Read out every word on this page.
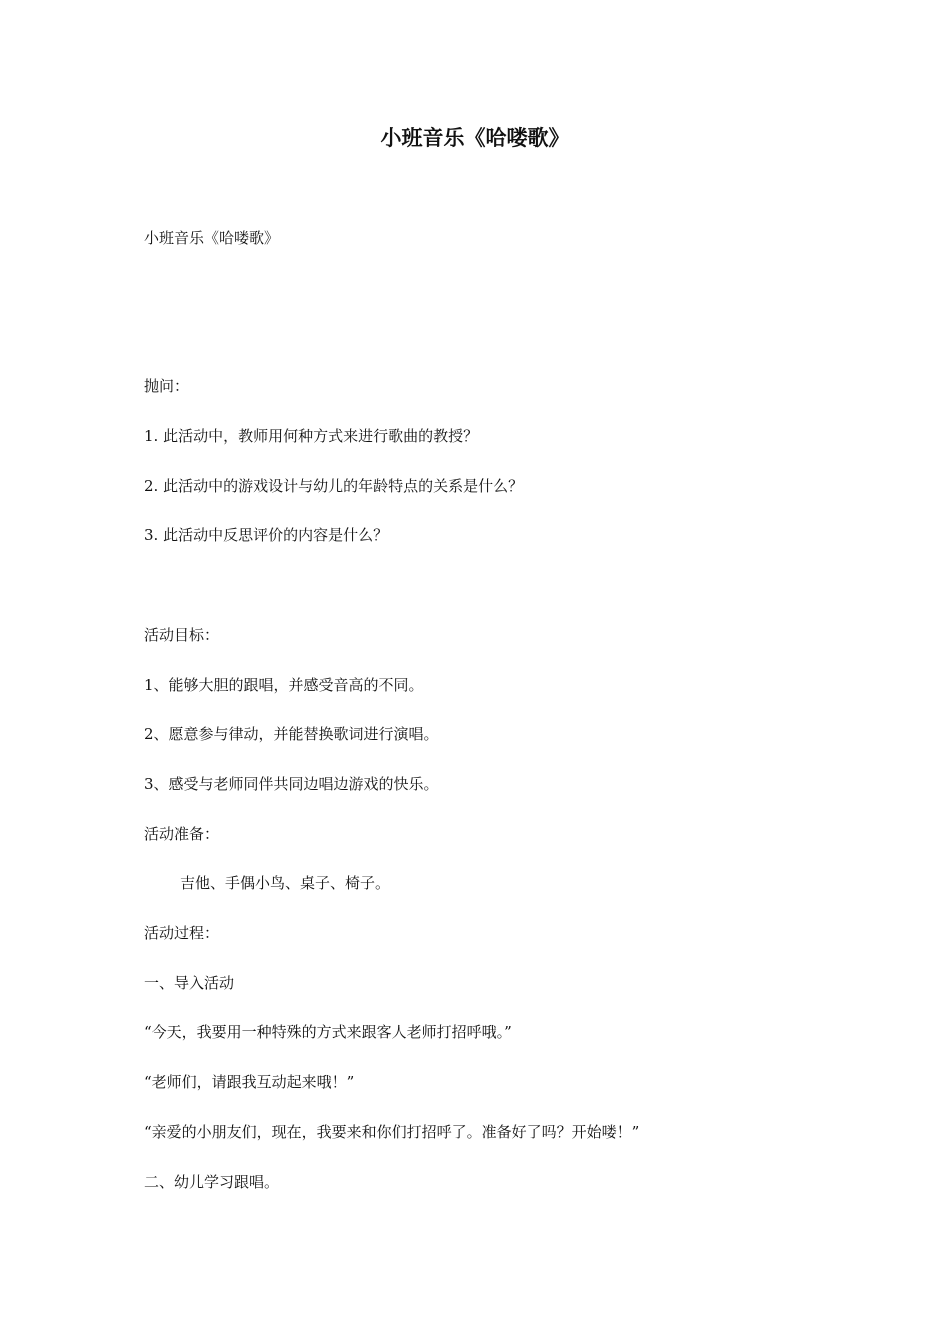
小班音乐《哈喽歌》

小班音乐《哈喽歌》

抛问：

1. 此活动中，教师用何种方式来进行歌曲的教授？

2. 此活动中的游戏设计与幼儿的年龄特点的关系是什么？

3. 此活动中反思评价的内容是什么？

活动目标：

1、能够大胆的跟唱，并感受音高的不同。

2、愿意参与律动，并能替换歌词进行演唱。

3、感受与老师同伴共同边唱边游戏的快乐。

活动准备：

吉他、手偶小鸟、桌子、椅子。

活动过程：

一、导入活动

“今天，我要用一种特殊的方式来跟客人老师打招呼哦。”

“老师们，请跟我互动起来哦！”

“亲爱的小朋友们，现在，我要来和你们打招呼了。准备好了吗？开始喽！”

二、幼儿学习跟唱。
